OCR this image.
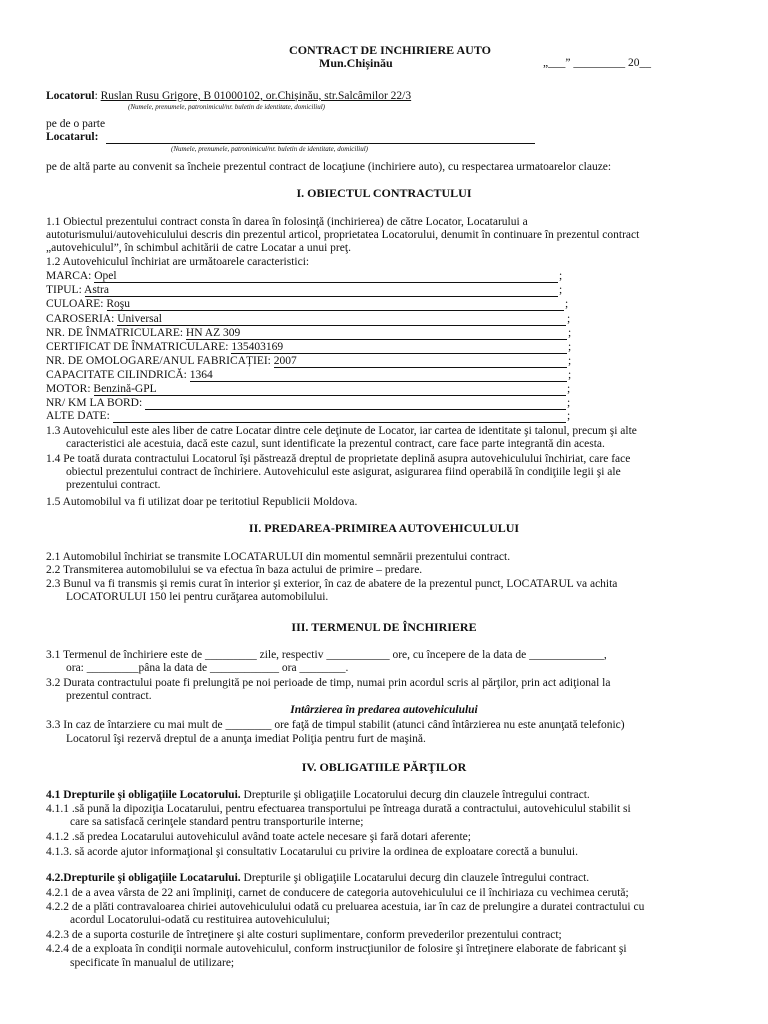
CONTRACT DE INCHIRIERE AUTO
Mun.Chișinău	„___” _________ 20__
Locatorul: Ruslan Rusu Grigore, B 01000102, or.Chișinău, str.Salcâmilor 22/3
(Numele, prenumele, patronimicul/nr. buletin de identitate, domiciliul)
pe de o parte
Locatarul:
(Numele, prenumele, patronimicul/nr. buletin de identitate, domiciliul)
pe de altă parte au convenit sa încheie prezentul contract de locaţiune (inchiriere auto), cu respectarea urmatoarelor clauze:
I. OBIECTUL CONTRACTULUI
1.1 Obiectul prezentului contract consta în darea în folosinţă (inchirierea) de către Locator, Locatarului a
autoturismului/autovehiculului descris din prezentul articol, proprietatea Locatorului, denumit în continuare în prezentul contract
„autovehiculul”, în schimbul achitării de catre Locatar a unui preţ.
1.2 Autovehiculul închiriat are următoarele caracteristici:
MARCA: Opel	;
TIPUL: Astra	;
CULOARE: Roşu	;
CAROSERIA: Universal	;
NR. DE ÎNMATRICULARE: HN AZ 309	;
CERTIFICAT DE ÎNMATRICULARE: 135403169	;
NR. DE OMOLOGARE/ANUL FABRICAȚIEI: 2007	;
CAPACITATE CILINDRICĂ: 1364	;
MOTOR: Benzină-GPL	;
NR/ KM LA BORD:	;
ALTE DATE:	;
1.3 Autovehiculul este ales liber de catre Locatar dintre cele deţinute de Locator, iar cartea de identitate şi talonul, precum şi alte
caracteristici ale acestuia, dacă este cazul, sunt identificate la prezentul contract, care face parte integrantă din acesta.
1.4 Pe toată durata contractului Locatorul îşi păstrează dreptul de proprietate deplină asupra autovehiculului închiriat, care face
obiectul prezentului contract de închiriere. Autovehiculul este asigurat, asigurarea fiind operabilă în condiţiile legii şi ale
prezentului contract.
1.5 Automobilul va fi utilizat doar pe teritotiul Republicii Moldova.
II. PREDAREA-PRIMIREA AUTOVEHICULULUI
2.1 Automobilul închiriat se transmite LOCATARULUI din momentul semnării prezentului contract.
2.2 Transmiterea automobilului se va efectua în baza actului de primire – predare.
2.3 Bunul va fi transmis şi remis curat în interior şi exterior, în caz de abatere de la prezentul punct, LOCATARUL va achita
LOCATORULUI 150 lei pentru curăţarea automobilului.
III. TERMENUL DE ÎNCHIRIERE
3.1 Termenul de închiriere este de _________ zile, respectiv ___________ ore, cu începere de la data de _____________,
ora: _________pâna la data de ____________ ora ________.
3.2 Durata contractului poate fi prelungită pe noi perioade de timp, numai prin acordul scris al părţilor, prin act adiţional la
prezentul contract.
Intârzierea în predarea autovehiculului
3.3 In caz de întarziere cu mai mult de ________ ore faţă de timpul stabilit (atunci când întârzierea nu este anunţată telefonic)
Locatorul îşi rezervă dreptul de a anunţa imediat Poliţia pentru furt de maşină.
IV. OBLIGATIILE PĂRŢILOR
4.1 Drepturile şi obligaţiile Locatorului. Drepturile şi obligaţiile Locatorului decurg din clauzele întregului contract.
4.1.1 .să pună la dipoziţia Locatarului, pentru efectuarea transportului pe întreaga durată a contractului, autovehiculul stabilit si
care sa satisfacă cerinţele standard pentru transporturile interne;
4.1.2 .să predea Locatarului autovehiculul având toate actele necesare şi fară dotari aferente;
4.1.3. să acorde ajutor informaţional şi consultativ Locatarului cu privire la ordinea de exploatare corectă a bunului.
4.2.Drepturile şi obligaţiile Locatarului. Drepturile şi obligaţiile Locatarului decurg din clauzele întregului contract.
4.2.1 de a avea vârsta de 22 ani împliniţi, carnet de conducere de categoria autovehiculului ce il închiriaza cu vechimea cerută;
4.2.2 de a plăti contravaloarea chiriei autovehiculului odată cu preluarea acestuia, iar în caz de prelungire a duratei contractului cu
acordul Locatorului-odată cu restituirea autovehiculului;
4.2.3 de a suporta costurile de întreţinere şi alte costuri suplimentare, conform prevederilor prezentului contract;
4.2.4 de a exploata în condiţii normale autovehiculul, conform instrucţiunilor de folosire şi întreţinere elaborate de fabricant şi
specificate în manualul de utilizare;
